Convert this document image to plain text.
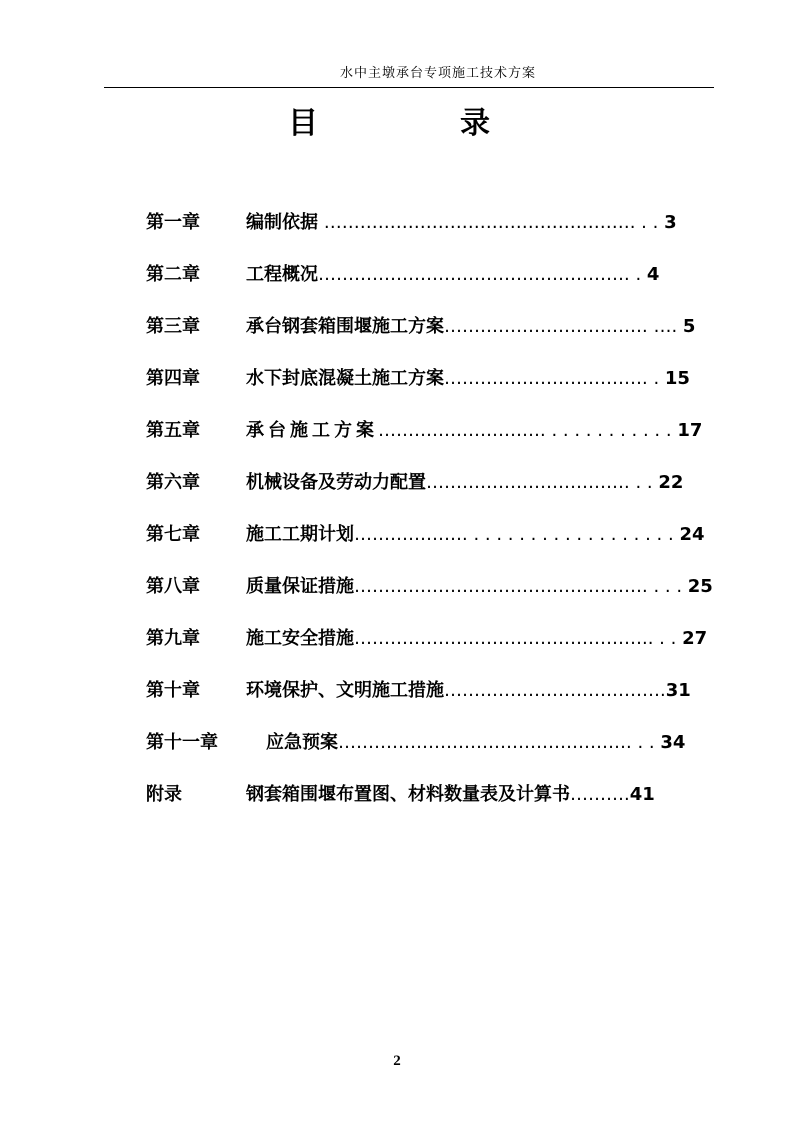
水中主墩承台专项施工技术方案
目　录
第一章	编制依据 ……………………………………………. . . 3
第二章	工程概况……………………………………………. . 4
第三章	承台钢套箱围堰施工方案……………………………. …. 5
第四章	水下封底混凝土施工方案……………………………. . 15
第五章	承台施工方案………………………. . . . . . . . . . . . 17
第六章	机械设备及劳动力配置……………………………. . . 22
第七章	施工工期计划………………. . . . . . . . . . . . . . . . . . . 24
第八章	质量保证措施…………………………………………. . . . 25
第九章	施工安全措施………………………………………….. . . 27
第十章	环境保护、文明施工措施……………………………….31
第十一章	应急预案…………………………………………. . . 34
附录	钢套箱围堰布置图、材料数量表及计算书……….41
2
